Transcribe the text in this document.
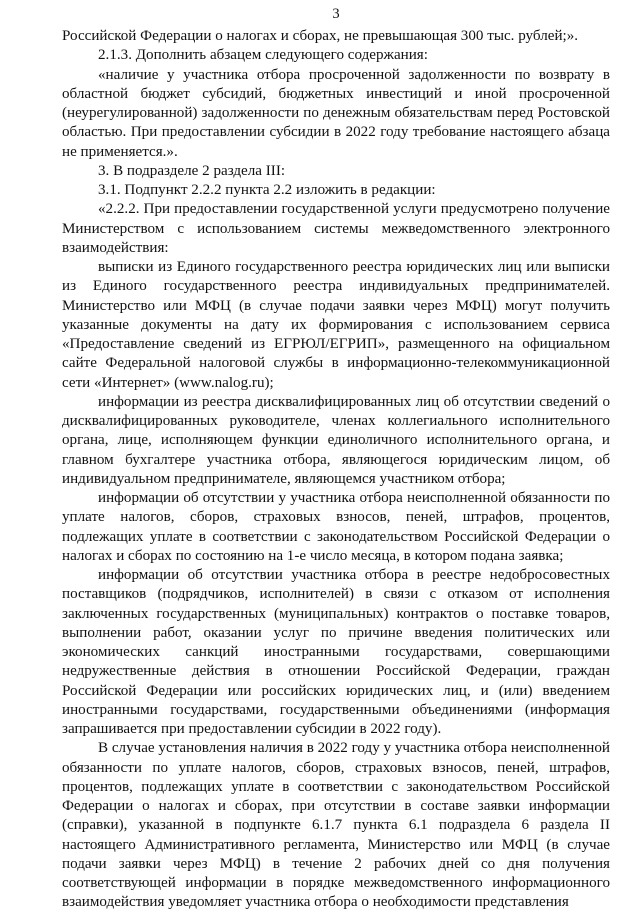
3

Российской Федерации о налогах и сборах, не превышающая 300 тыс. рублей;».

2.1.3. Дополнить абзацем следующего содержания:

«наличие у участника отбора просроченной задолженности по возврату в областной бюджет субсидий, бюджетных инвестиций и иной просроченной (неурегулированной) задолженности по денежным обязательствам перед Ростовской областью. При предоставлении субсидии в 2022 году требование настоящего абзаца не применяется.».

3. В подразделе 2 раздела III:

3.1. Подпункт 2.2.2 пункта 2.2 изложить в редакции:

«2.2.2. При предоставлении государственной услуги предусмотрено получение Министерством с использованием системы межведомственного электронного взаимодействия:

выписки из Единого государственного реестра юридических лиц или выписки из Единого государственного реестра индивидуальных предпринимателей. Министерство или МФЦ (в случае подачи заявки через МФЦ) могут получить указанные документы на дату их формирования с использованием сервиса «Предоставление сведений из ЕГРЮЛ/ЕГРИП», размещенного на официальном сайте Федеральной налоговой службы в информационно-телекоммуникационной сети «Интернет» (www.nalog.ru);

информации из реестра дисквалифицированных лиц об отсутствии сведений о дисквалифицированных руководителе, членах коллегиального исполнительного органа, лице, исполняющем функции единоличного исполнительного органа, и главном бухгалтере участника отбора, являющегося юридическим лицом, об индивидуальном предпринимателе, являющемся участником отбора;

информации об отсутствии у участника отбора неисполненной обязанности по уплате налогов, сборов, страховых взносов, пеней, штрафов, процентов, подлежащих уплате в соответствии с законодательством Российской Федерации о налогах и сборах по состоянию на 1-е число месяца, в котором подана заявка;

информации об отсутствии участника отбора в реестре недобросовестных поставщиков (подрядчиков, исполнителей) в связи с отказом от исполнения заключенных государственных (муниципальных) контрактов о поставке товаров, выполнении работ, оказании услуг по причине введения политических или экономических санкций иностранными государствами, совершающими недружественные действия в отношении Российской Федерации, граждан Российской Федерации или российских юридических лиц, и (или) введением иностранными государствами, государственными объединениями (информация запрашивается при предоставлении субсидии в 2022 году).

В случае установления наличия в 2022 году у участника отбора неисполненной обязанности по уплате налогов, сборов, страховых взносов, пеней, штрафов, процентов, подлежащих уплате в соответствии с законодательством Российской Федерации о налогах и сборах, при отсутствии в составе заявки информации (справки), указанной в подпункте 6.1.7 пункта 6.1 подраздела 6 раздела II настоящего Административного регламента, Министерство или МФЦ (в случае подачи заявки через МФЦ) в течение 2 рабочих дней со дня получения соответствующей информации в порядке межведомственного информационного взаимодействия уведомляет участника отбора о необходимости представления
